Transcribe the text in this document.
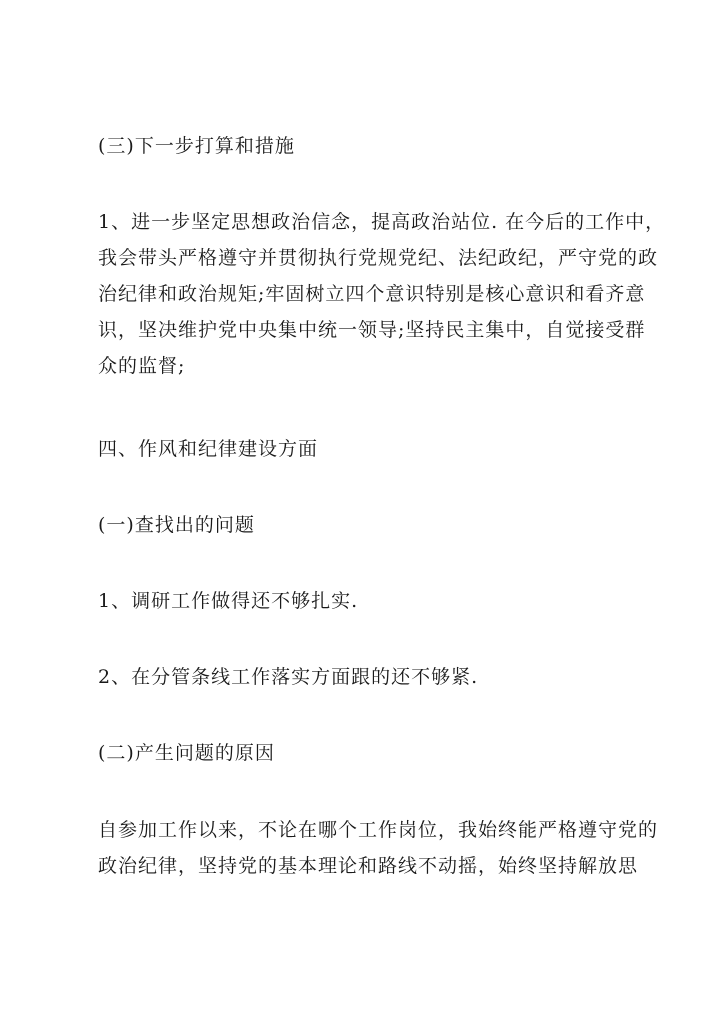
(三)下一步打算和措施
1、进一步坚定思想政治信念，提高政治站位. 在今后的工作中，
我会带头严格遵守并贯彻执行党规党纪、法纪政纪，严守党的政
治纪律和政治规矩;牢固树立四个意识特别是核心意识和看齐意
识，坚决维护党中央集中统一领导;坚持民主集中，自觉接受群
众的监督;
四、作风和纪律建设方面
(一)查找出的问题
1、调研工作做得还不够扎实.
2、在分管条线工作落实方面跟的还不够紧.
(二)产生问题的原因
自参加工作以来，不论在哪个工作岗位，我始终能严格遵守党的
政治纪律，坚持党的基本理论和路线不动摇，始终坚持解放思
